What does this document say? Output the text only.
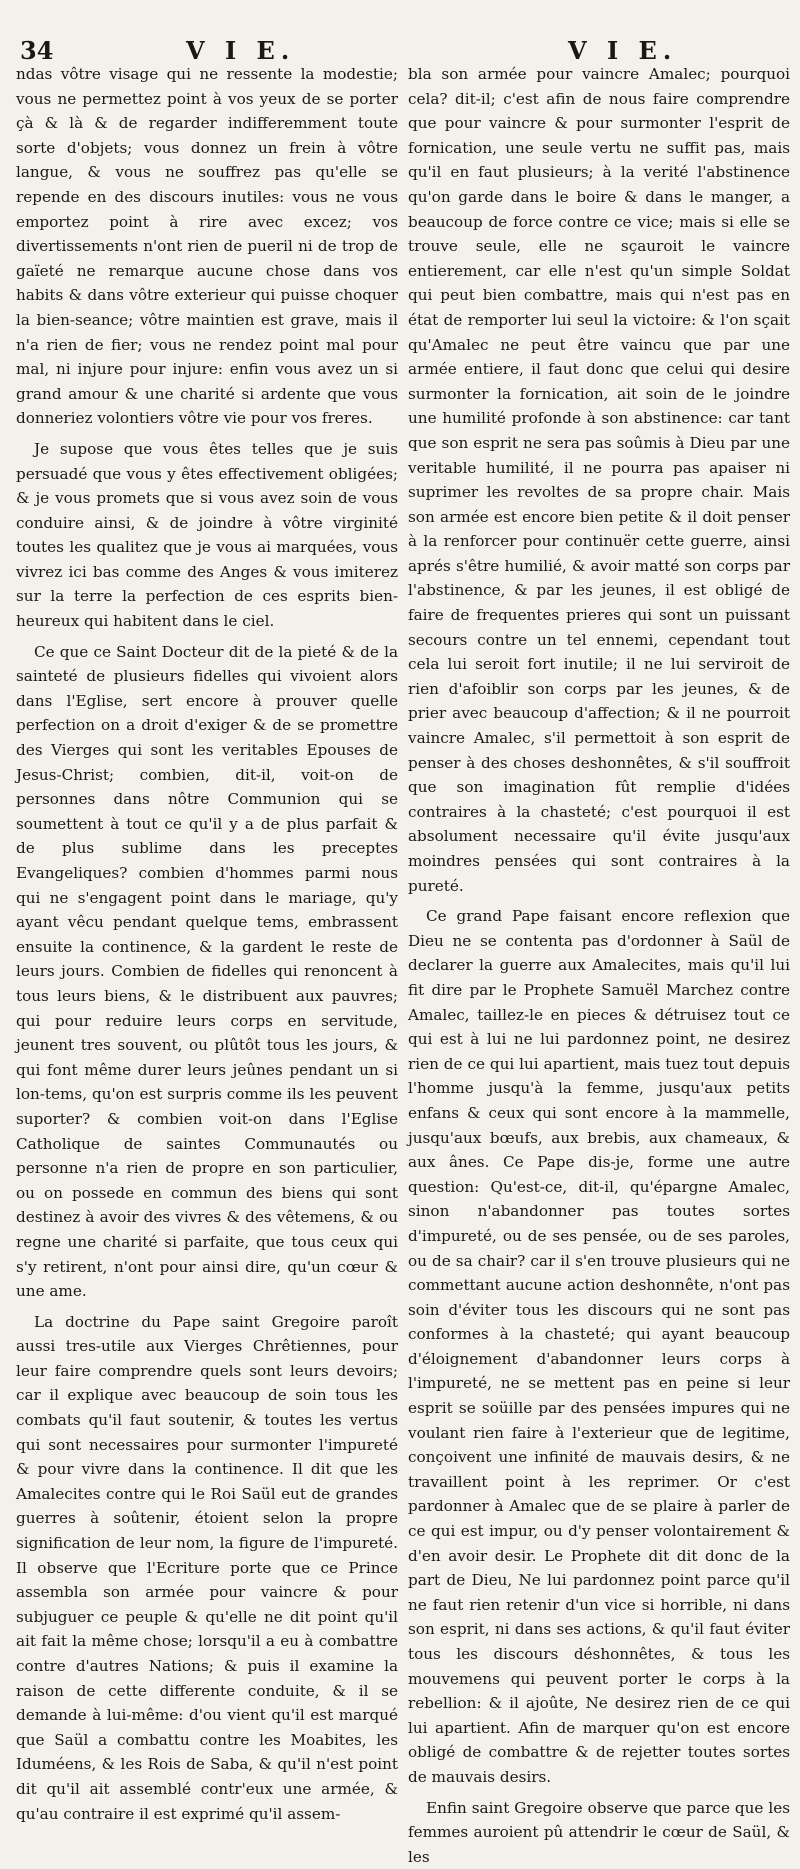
34	V I E.	V I E.

ndas vôtre visage qui ne ressente la modestie; vous ne permettez point à vos yeux de se porter çà & là & de regarder indifferemment toute sorte d'objets; vous donnez un frein à vôtre langue, & vous ne souffrez pas qu'elle se repende en des discours inutiles: vous ne vous emportez point à rire avec excez; vos divertissements n'ont rien de pueril ni de trop de gaïeté ne remarque aucune chose dans vos habits & dans vôtre exterieur qui puisse choquer la bien-seance; vôtre maintien est grave, mais il n'a rien de fier; vous ne rendez point mal pour mal, ni injure pour injure: enfin vous avez un si grand amour & une charité si ardente que vous donneriez volontiers vôtre vie pour vos freres.

Je supose que vous êtes telles que je suis persuadé que vous y êtes effectivement obligées; & je vous promets que si vous avez soin de vous conduire ainsi, & de joindre à vôtre virginité toutes les qualitez que je vous ai marquées, vous vivrez ici bas comme des Anges & vous imiterez sur la terre la perfection de ces esprits bien-heureux qui habitent dans le ciel.

Ce que ce Saint Docteur dit de la pieté & de la sainteté de plusieurs fidelles qui vivoient alors dans l'Eglise, sert encore à prouver quelle perfection on a droit d'exiger & de se promettre des Vierges qui sont les veritables Epouses de Jesus-Christ; combien, dit-il, voit-on de personnes dans nôtre Communion qui se soumettent à tout ce qu'il y a de plus parfait & de plus sublime dans les preceptes Evangeliques? combien d'hommes parmi nous qui ne s'engagent point dans le mariage, qu'y ayant vêcu pendant quelque tems, embrassent ensuite la continence, & la gardent le reste de leurs jours. Combien de fidelles qui renoncent à tous leurs biens, & le distribuent aux pauvres; qui pour reduire leurs corps en servitude, jeunent tres souvent, ou plûtôt tous les jours, & qui font même durer leurs jeûnes pendant un si lon-tems, qu'on est surpris comme ils les peuvent suporter? & combien voit-on dans l'Eglise Catholique de saintes Communautés ou personne n'a rien de propre en son particulier, ou on possede en commun des biens qui sont destinez à avoir des vivres & des vêtemens, & ou regne une charité si parfaite, que tous ceux qui s'y retirent, n'ont pour ainsi dire, qu'un cœur & une ame.

La doctrine du Pape saint Gregoire paroît aussi tres-utile aux Vierges Chrêtiennes, pour leur faire comprendre quels sont leurs devoirs; car il explique avec beaucoup de soin tous les combats qu'il faut soutenir, & toutes les vertus qui sont necessaires pour surmonter l'impureté & pour vivre dans la continence. Il dit que les Amalecites contre qui le Roi Saül eut de grandes guerres à soûtenir, étoient selon la propre signification de leur nom, la figure de l'impureté. Il observe que l'Ecriture porte que ce Prince assembla son armée pour vaincre & pour subjuguer ce peuple & qu'elle ne dit point qu'il ait fait la même chose; lorsqu'il a eu à combattre contre d'autres Nations; & puis il examine la raison de cette differente conduite, & il se demande à lui-même: d'ou vient qu'il est marqué que Saül a combattu contre les Moabites, les Iduméens, & les Rois de Saba, & qu'il n'est point dit qu'il ait assemblé contr'eux une armée, & qu'au contraire il est exprimé qu'il assem-

bla son armée pour vaincre Amalec; pourquoi cela? dit-il; c'est afin de nous faire comprendre que pour vaincre & pour surmonter l'esprit de fornication, une seule vertu ne suffit pas, mais qu'il en faut plusieurs; à la verité l'abstinence qu'on garde dans le boire & dans le manger, a beaucoup de force contre ce vice; mais si elle se trouve seule, elle ne sçauroit le vaincre entierement, car elle n'est qu'un simple Soldat qui peut bien combattre, mais qui n'est pas en état de remporter lui seul la victoire: & l'on sçait qu'Amalec ne peut être vaincu que par une armée entiere, il faut donc que celui qui desire surmonter la fornication, ait soin de le joindre une humilité profonde à son abstinence: car tant que son esprit ne sera pas soûmis à Dieu par une veritable humilité, il ne pourra pas apaiser ni suprimer les revoltes de sa propre chair. Mais son armée est encore bien petite & il doit penser à la renforcer pour continuër cette guerre, ainsi aprés s'être humilié, & avoir matté son corps par l'abstinence, & par les jeunes, il est obligé de faire de frequentes prieres qui sont un puissant secours contre un tel ennemi, cependant tout cela lui seroit fort inutile; il ne lui serviroit de rien d'afoiblir son corps par les jeunes, & de prier avec beaucoup d'affection; & il ne pourroit vaincre Amalec, s'il permettoit à son esprit de penser à des choses deshonnêtes, & s'il souffroit que son imagination fût remplie d'idées contraires à la chasteté; c'est pourquoi il est absolument necessaire qu'il évite jusqu'aux moindres pensées qui sont contraires à la pureté.

Ce grand Pape faisant encore reflexion que Dieu ne se contenta pas d'ordonner à Saül de declarer la guerre aux Amalecites, mais qu'il lui fit dire par le Prophete Samuël Marchez contre Amalec, taillez-le en pieces & détruisez tout ce qui est à lui ne lui pardonnez point, ne desirez rien de ce qui lui apartient, mais tuez tout depuis l'homme jusqu'à la femme, jusqu'aux petits enfans & ceux qui sont encore à la mammelle, jusqu'aux bœufs, aux brebis, aux chameaux, & aux ânes. Ce Pape dis-je, forme une autre question: Qu'est-ce, dit-il, qu'épargne Amalec, sinon n'abandonner pas toutes sortes d'impureté, ou de ses pensée, ou de ses paroles, ou de sa chair? car il s'en trouve plusieurs qui ne commettant aucune action deshonnête, n'ont pas soin d'éviter tous les discours qui ne sont pas conformes à la chasteté; qui ayant beaucoup d'éloignement d'abandonner leurs corps à l'impureté, ne se mettent pas en peine si leur esprit se soüille par des pensées impures qui ne voulant rien faire à l'exterieur que de legitime, conçoivent une infinité de mauvais desirs, & ne travaillent point à les reprimer. Or c'est pardonner à Amalec que de se plaire à parler de ce qui est impur, ou d'y penser volontairement & d'en avoir desir. Le Prophete dit dit donc de la part de Dieu, Ne lui pardonnez point parce qu'il ne faut rien retenir d'un vice si horrible, ni dans son esprit, ni dans ses actions, & qu'il faut éviter tous les discours déshonnêtes, & tous les mouvemens qui peuvent porter le corps à la rebellion: & il ajoûte, Ne desirez rien de ce qui lui apartient. Afin de marquer qu'on est encore obligé de combattre & de rejetter toutes sortes de mauvais desirs.

Enfin saint Gregoire observe que parce que les femmes auroient pû attendrir le cœur de Saül, & les
